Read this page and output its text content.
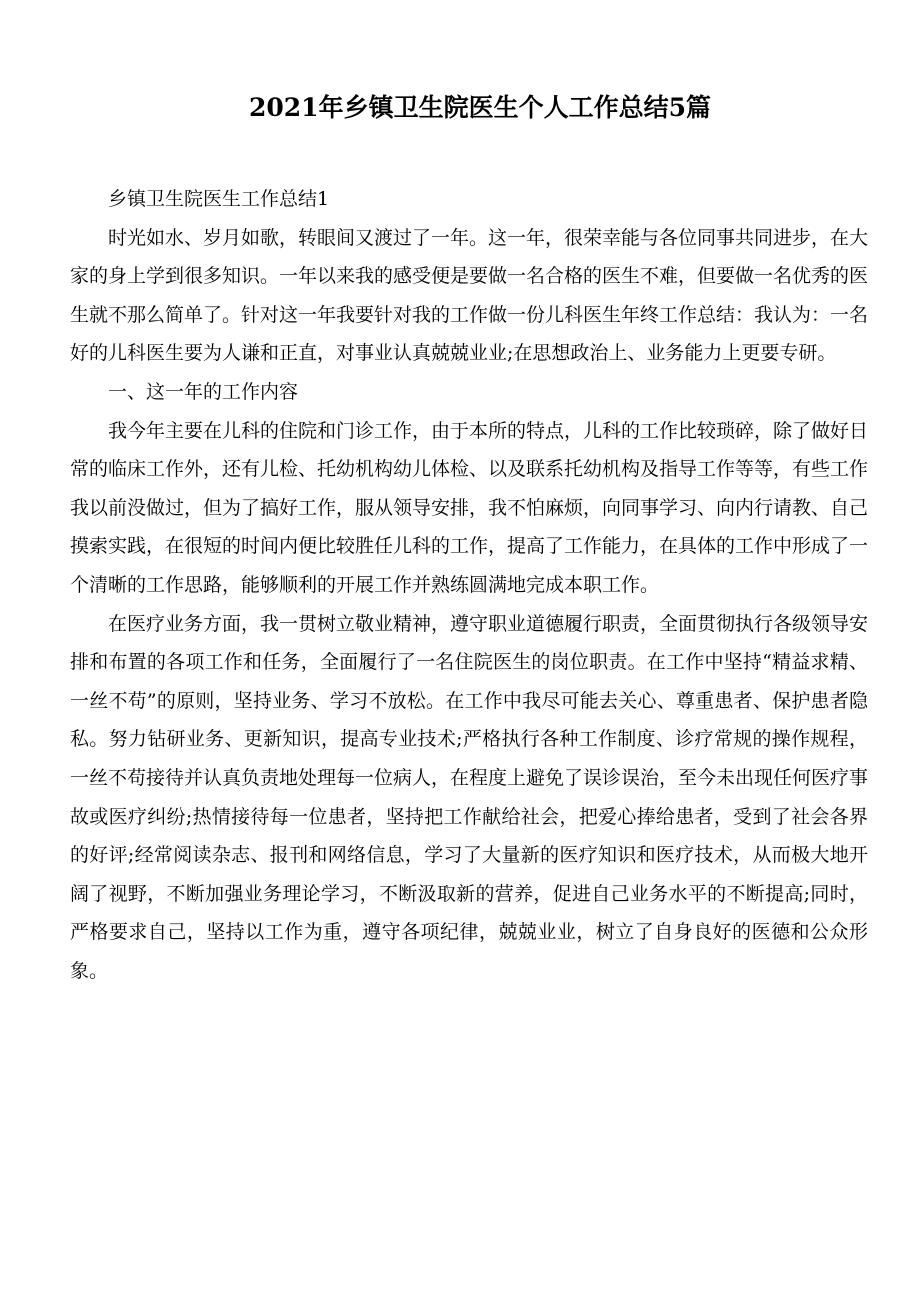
2021年乡镇卫生院医生个人工作总结5篇

乡镇卫生院医生工作总结1

时光如水、岁月如歌，转眼间又渡过了一年。这一年，很荣幸能与各位同事共同进步，在大家的身上学到很多知识。一年以来我的感受便是要做一名合格的医生不难，但要做一名优秀的医生就不那么简单了。针对这一年我要针对我的工作做一份儿科医生年终工作总结：我认为：一名好的儿科医生要为人谦和正直，对事业认真兢兢业业;在思想政治上、业务能力上更要专研。

一、这一年的工作内容

我今年主要在儿科的住院和门诊工作，由于本所的特点，儿科的工作比较琐碎，除了做好日常的临床工作外，还有儿检、托幼机构幼儿体检、以及联系托幼机构及指导工作等等，有些工作我以前没做过，但为了搞好工作，服从领导安排，我不怕麻烦，向同事学习、向内行请教、自己摸索实践，在很短的时间内便比较胜任儿科的工作，提高了工作能力，在具体的工作中形成了一个清晰的工作思路，能够顺利的开展工作并熟练圆满地完成本职工作。

在医疗业务方面，我一贯树立敬业精神，遵守职业道德履行职责，全面贯彻执行各级领导安排和布置的各项工作和任务，全面履行了一名住院医生的岗位职责。在工作中坚持“精益求精、一丝不苟”的原则，坚持业务、学习不放松。在工作中我尽可能去关心、尊重患者、保护患者隐私。努力钻研业务、更新知识，提高专业技术;严格执行各种工作制度、诊疗常规的操作规程，一丝不苟接待并认真负责地处理每一位病人，在程度上避免了误诊误治，至今未出现任何医疗事故或医疗纠纷;热情接待每一位患者，坚持把工作献给社会，把爱心捧给患者，受到了社会各界的好评;经常阅读杂志、报刊和网络信息，学习了大量新的医疗知识和医疗技术，从而极大地开阔了视野，不断加强业务理论学习，不断汲取新的营养，促进自己业务水平的不断提高;同时，严格要求自己，坚持以工作为重，遵守各项纪律，兢兢业业，树立了自身良好的医德和公众形象。
